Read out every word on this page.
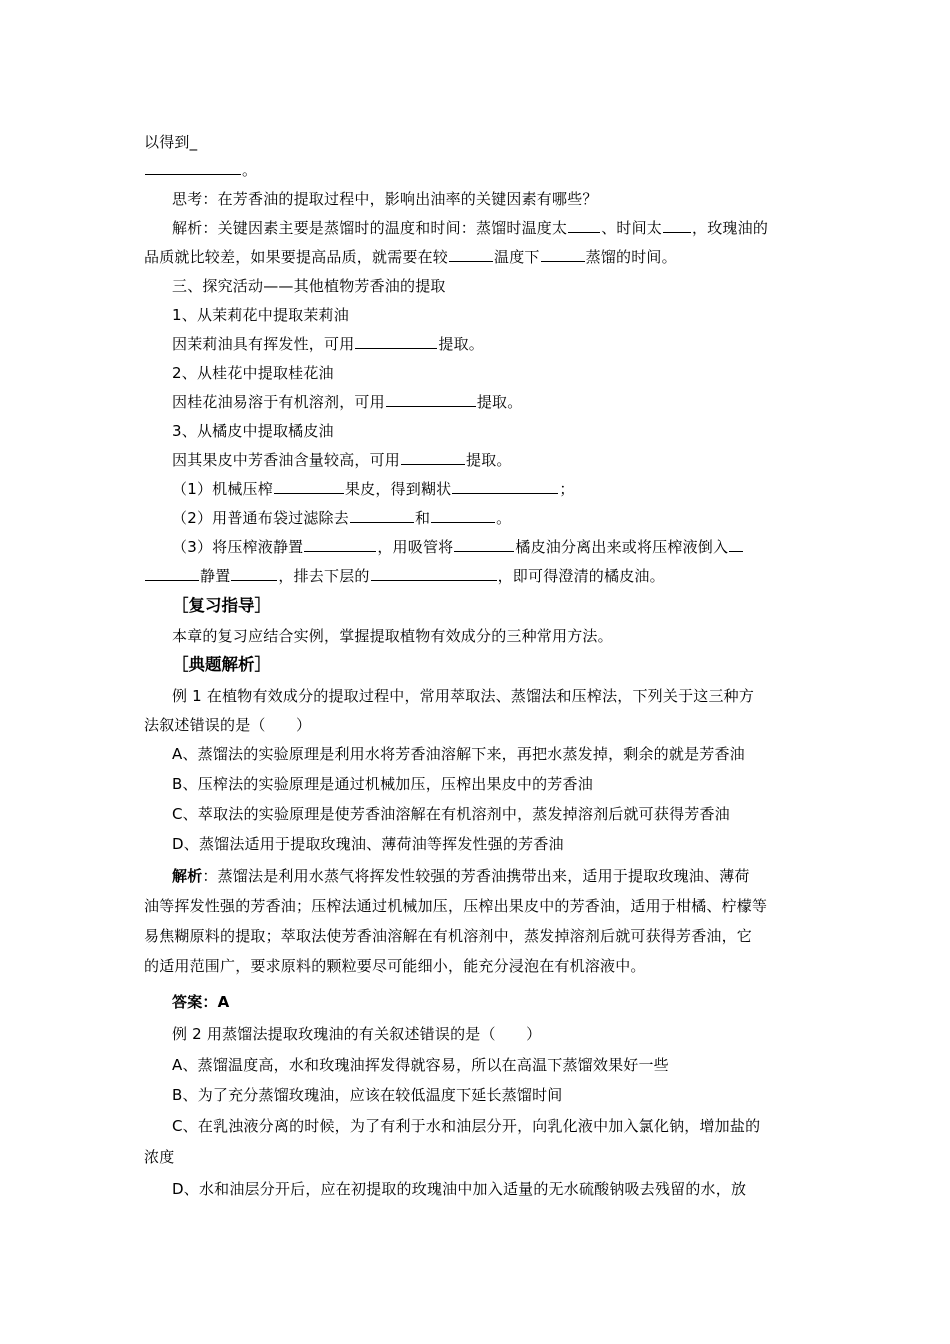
以得到_
。
思考：在芳香油的提取过程中，影响出油率的关键因素有哪些？
解析：关键因素主要是蒸馏时的温度和时间：蒸馏时温度太 、时间太 ，玫瑰油的
品质就比较差，如果要提高品质，就需要在较	温度下	蒸馏的时间。
三、探究活动——其他植物芳香油的提取
1、从茉莉花中提取茉莉油
因茉莉油具有挥发性，可用	提取。
2、从桂花中提取桂花油
因桂花油易溶于有机溶剂，可用	提取。
3、从橘皮中提取橘皮油
因其果皮中芳香油含量较高，可用	提取。
（1）机械压榨	果皮，得到糊状	；
（2）用普通布袋过滤除去	和	。
（3）将压榨液静置	，用吸管将	橘皮油分离出来或将压榨液倒入
静置	，排去下层的	，即可得澄清的橘皮油。
［复习指导］
本章的复习应结合实例，掌握提取植物有效成分的三种常用方法。
［典题解析］
例 1 在植物有效成分的提取过程中，常用萃取法、蒸馏法和压榨法，下列关于这三种方
法叙述错误的是（　　）
A、蒸馏法的实验原理是利用水将芳香油溶解下来，再把水蒸发掉，剩余的就是芳香油
B、压榨法的实验原理是通过机械加压，压榨出果皮中的芳香油
C、萃取法的实验原理是使芳香油溶解在有机溶剂中，蒸发掉溶剂后就可获得芳香油
D、蒸馏法适用于提取玫瑰油、薄荷油等挥发性强的芳香油
解析：蒸馏法是利用水蒸气将挥发性较强的芳香油携带出来，适用于提取玫瑰油、薄荷
油等挥发性强的芳香油；压榨法通过机械加压，压榨出果皮中的芳香油，适用于柑橘、柠檬等
易焦糊原料的提取；萃取法使芳香油溶解在有机溶剂中，蒸发掉溶剂后就可获得芳香油，它
的适用范围广，要求原料的颗粒要尽可能细小，能充分浸泡在有机溶液中。
答案：A
例 2 用蒸馏法提取玫瑰油的有关叙述错误的是（　　）
A、蒸馏温度高，水和玫瑰油挥发得就容易，所以在高温下蒸馏效果好一些
B、为了充分蒸馏玫瑰油，应该在较低温度下延长蒸馏时间
C、在乳浊液分离的时候，为了有利于水和油层分开，向乳化液中加入氯化钠，增加盐的
浓度
D、水和油层分开后，应在初提取的玫瑰油中加入适量的无水硫酸钠吸去残留的水，放
